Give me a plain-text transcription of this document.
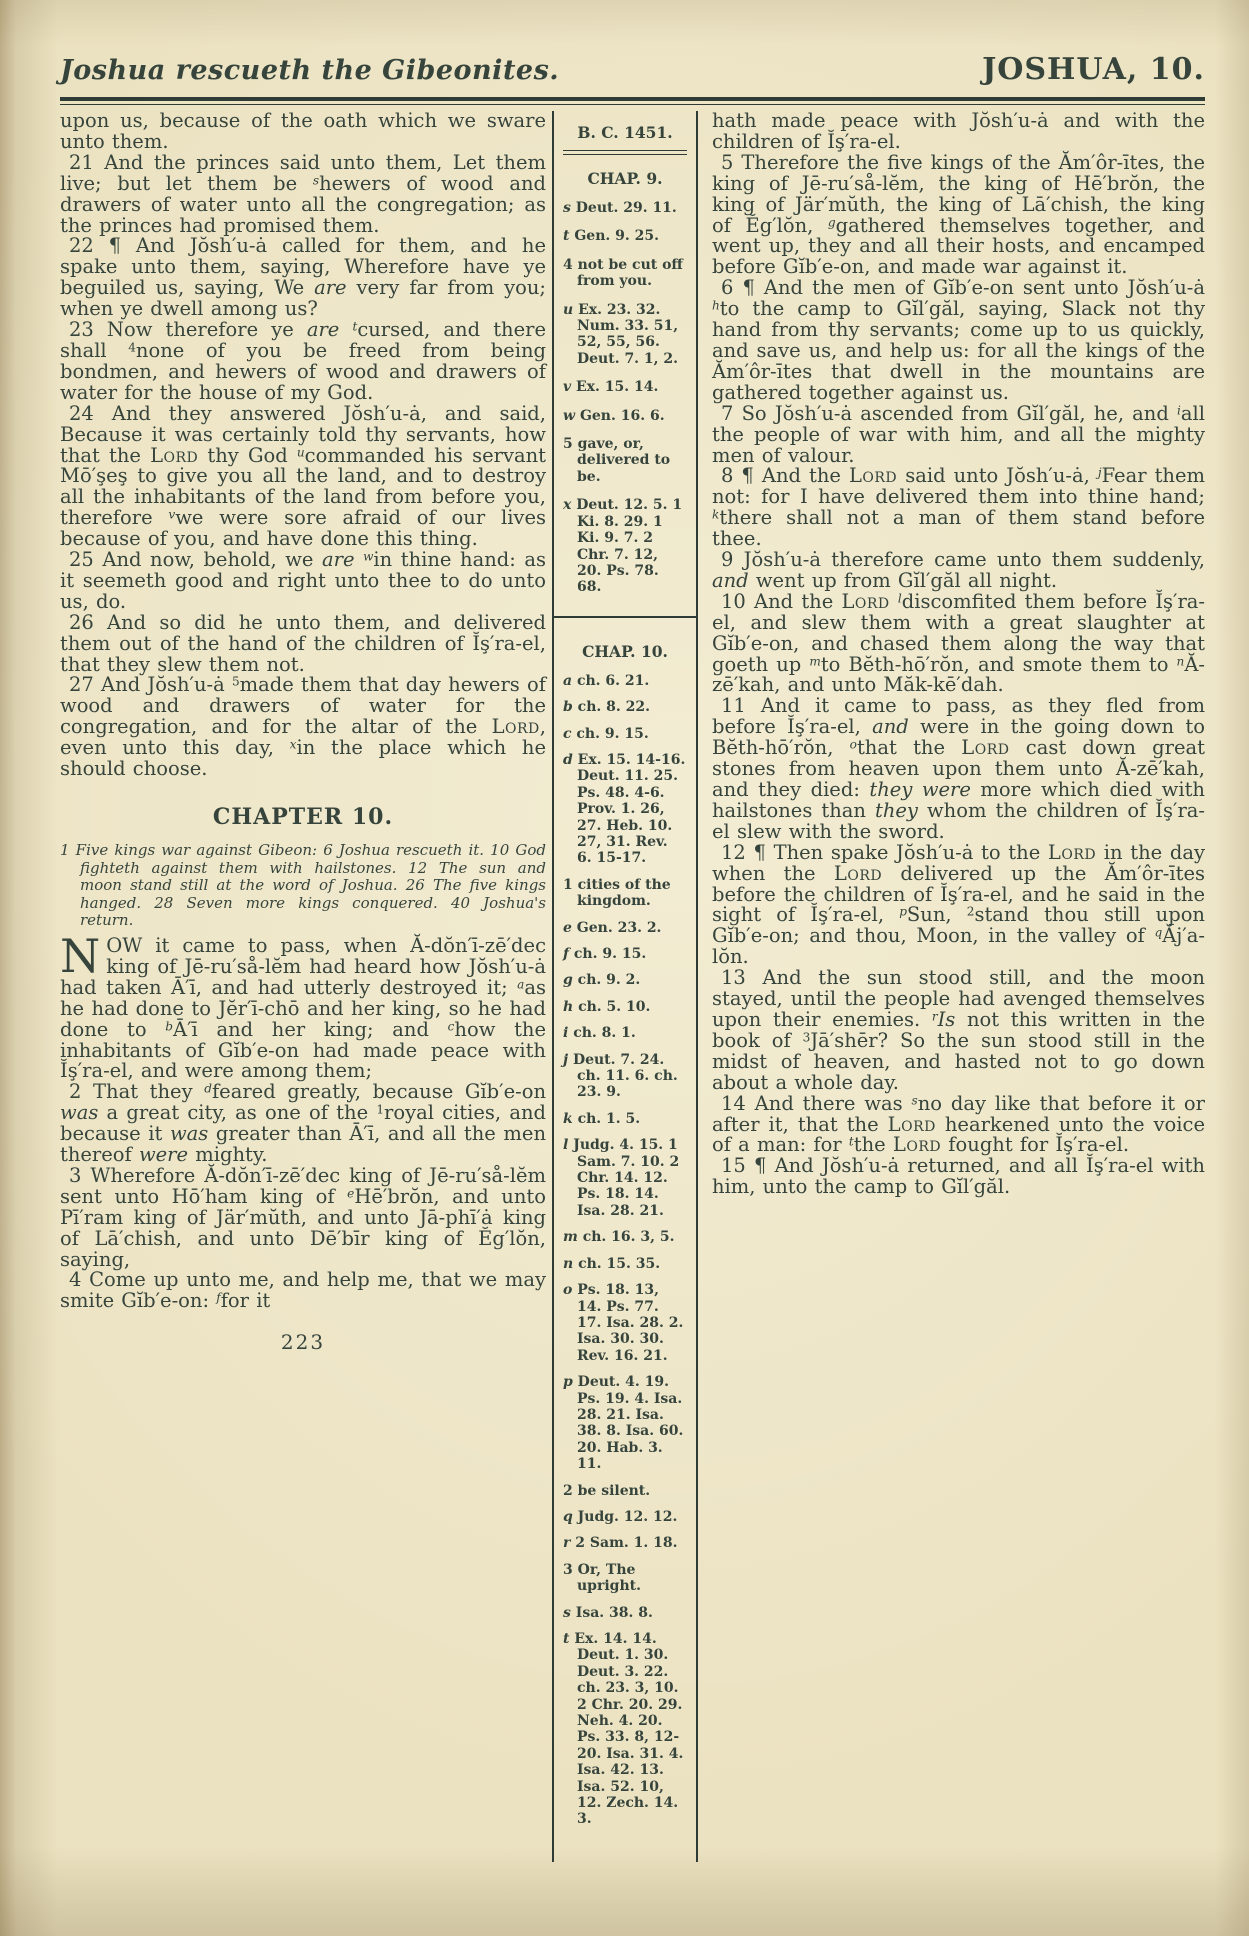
Joshua rescueth the Gibeonites.	JOSHUA, 10.

upon us, because of the oath which we sware unto them.

21 And the princes said unto them, Let them live; but let them be $^s$hewers of wood and drawers of water unto all the congregation; as the princes had promised them.

22 ¶ And Jŏsh′u-ȧ called for them, and he spake unto them, saying, Wherefore have ye beguiled us, saying, We are very far from you; when ye dwell among us?

23 Now therefore ye are $^t$cursed, and there shall $^4$none of you be freed from being bondmen, and hewers of wood and drawers of water for the house of my God.

24 And they answered Jŏsh′u-ȧ, and said, Because it was certainly told thy servants, how that the Lord thy God $^u$commanded his servant Mō′şeş to give you all the land, and to destroy all the inhabitants of the land from before you, therefore $^v$we were sore afraid of our lives because of you, and have done this thing.

25 And now, behold, we are $^w$in thine hand: as it seemeth good and right unto thee to do unto us, do.

26 And so did he unto them, and delivered them out of the hand of the children of Ĭş′ra-el, that they slew them not.

27 And Jŏsh′u-ȧ $^5$made them that day hewers of wood and drawers of water for the congregation, and for the altar of the Lord, even unto this day, $^x$in the place which he should choose.

CHAPTER 10.

1 Five kings war against Gibeon: 6 Joshua rescueth it. 10 God fighteth against them with hailstones. 12 The sun and moon stand still at the word of Joshua. 26 The five kings hanged. 28 Seven more kings conquered. 40 Joshua's return.

NOW it came to pass, when Ă-dŏn′ī-zē′dec king of Jē-ru′så-lĕm had heard how Jŏsh′u-ȧ had taken Ā′ī, and had utterly destroyed it; $^a$as he had done to Jĕr′ī-chō and her king, so he had done to $^b$Ā′ī and her king; and $^c$how the inhabitants of Gĭb′e-on had made peace with Ĭş′ra-el, and were among them;

2 That they $^d$feared greatly, because Gĭb′e-on was a great city, as one of the $^1$royal cities, and because it was greater than Ā′ī, and all the men thereof were mighty.

3 Wherefore Ă-dŏn′ī-zē′dec king of Jē-ru′så-lĕm sent unto Hō′ham king of $^e$Hē′brŏn, and unto Pī′ram king of Jär′mŭth, and unto Jā-phī′ȧ king of Lā′chish, and unto Dē′bīr king of Ĕg′lŏn, saying,

4 Come up unto me, and help me, that we may smite Gĭb′e-on: $^f$for it

223
B. C. 1451.
CHAP. 9.
s Deut. 29. 11.
t Gen. 9. 25.
4 not be cut off from you.
u Ex. 23. 32. Num. 33. 51, 52, 55, 56. Deut. 7. 1, 2.
v Ex. 15. 14.
w Gen. 16. 6.
5 gave, or, delivered to be.
x Deut. 12. 5. 1 Ki. 8. 29. 1 Ki. 9. 7. 2 Chr. 7. 12, 20. Ps. 78. 68.
CHAP. 10.
a ch. 6. 21.
b ch. 8. 22.
c ch. 9. 15.
d Ex. 15. 14-16. Deut. 11. 25. Ps. 48. 4-6. Prov. 1. 26, 27. Heb. 10. 27, 31. Rev. 6. 15-17.
1 cities of the kingdom.
e Gen. 23. 2.
f ch. 9. 15.
g ch. 9. 2.
h ch. 5. 10.
i ch. 8. 1.
j Deut. 7. 24. ch. 11. 6. ch. 23. 9.
k ch. 1. 5.
l Judg. 4. 15. 1 Sam. 7. 10. 2 Chr. 14. 12. Ps. 18. 14. Isa. 28. 21.
m ch. 16. 3, 5.
n ch. 15. 35.
o Ps. 18. 13, 14. Ps. 77. 17. Isa. 28. 2. Isa. 30. 30. Rev. 16. 21.
p Deut. 4. 19. Ps. 19. 4. Isa. 28. 21. Isa. 38. 8. Isa. 60. 20. Hab. 3. 11.
2 be silent.
q Judg. 12. 12.
r 2 Sam. 1. 18.
3 Or, The upright.
s Isa. 38. 8.
t Ex. 14. 14. Deut. 1. 30. Deut. 3. 22. ch. 23. 3, 10. 2 Chr. 20. 29. Neh. 4. 20. Ps. 33. 8, 12-20. Isa. 31. 4. Isa. 42. 13. Isa. 52. 10, 12. Zech. 14. 3.

hath made peace with Jŏsh′u-ȧ and with the children of Ĭş′ra-el.

5 Therefore the five kings of the Ăm′ôr-ītes, the king of Jē-ru′så-lĕm, the king of Hē′brŏn, the king of Jär′mŭth, the king of Lā′chish, the king of Ĕg′lŏn, $^g$gathered themselves together, and went up, they and all their hosts, and encamped before Gĭb′e-on, and made war against it.

6 ¶ And the men of Gĭb′e-on sent unto Jŏsh′u-ȧ $^h$to the camp to Gĭl′găl, saying, Slack not thy hand from thy servants; come up to us quickly, and save us, and help us: for all the kings of the Ăm′ôr-ītes that dwell in the mountains are gathered together against us.

7 So Jŏsh′u-ȧ ascended from Gĭl′găl, he, and $^i$all the people of war with him, and all the mighty men of valour.

8 ¶ And the Lord said unto Jŏsh′u-ȧ, $^j$Fear them not: for I have delivered them into thine hand; $^k$there shall not a man of them stand before thee.

9 Jŏsh′u-ȧ therefore came unto them suddenly, and went up from Gĭl′găl all night.

10 And the Lord $^l$discomfited them before Ĭş′ra-el, and slew them with a great slaughter at Gĭb′e-on, and chased them along the way that goeth up $^m$to Bĕth-hō′rŏn, and smote them to $^n$Ă-zē′kah, and unto Măk-kē′dah.

11 And it came to pass, as they fled from before Ĭş′ra-el, and were in the going down to Bĕth-hō′rŏn, $^o$that the Lord cast down great stones from heaven upon them unto Ă-zē′kah, and they died: they were more which died with hailstones than they whom the children of Ĭş′ra-el slew with the sword.

12 ¶ Then spake Jŏsh′u-ȧ to the Lord in the day when the Lord delivered up the Ăm′ôr-ītes before the children of Ĭş′ra-el, and he said in the sight of Ĭş′ra-el, $^p$Sun, $^2$stand thou still upon Gĭb′e-on; and thou, Moon, in the valley of $^q$Ăj′a-lŏn.

13 And the sun stood still, and the moon stayed, until the people had avenged themselves upon their enemies. $^r$Is not this written in the book of $^3$Jā′shēr? So the sun stood still in the midst of heaven, and hasted not to go down about a whole day.

14 And there was $^s$no day like that before it or after it, that the Lord hearkened unto the voice of a man: for $^t$the Lord fought for Ĭş′ra-el.

15 ¶ And Jŏsh′u-ȧ returned, and all Ĭş′ra-el with him, unto the camp to Gĭl′găl.
